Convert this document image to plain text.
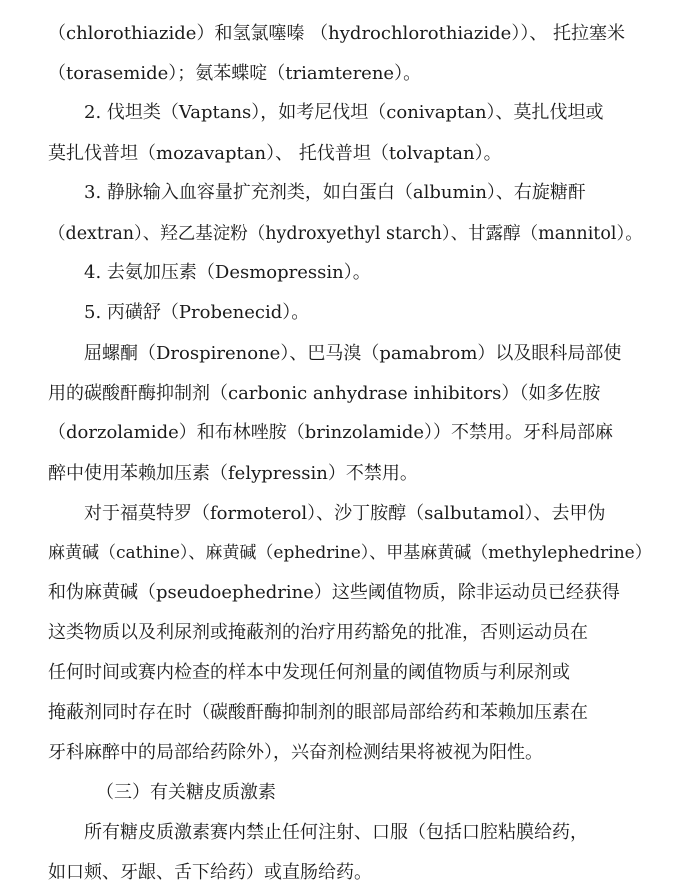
（chlorothiazide）和氢氯噻嗪 （hydrochlorothiazide））、 托拉塞米
（torasemide）；氨苯蝶啶（triamterene）。
2. 伐坦类（Vaptans），如考尼伐坦（conivaptan）、莫扎伐坦或
莫扎伐普坦（mozavaptan）、 托伐普坦（tolvaptan）。
3. 静脉输入血容量扩充剂类，如白蛋白（albumin）、右旋糖酐
（dextran）、羟乙基淀粉（hydroxyethyl starch）、甘露醇（mannitol）。
4. 去氨加压素（Desmopressin）。
5. 丙磺舒（Probenecid）。
屈螺酮（Drospirenone）、巴马溴（pamabrom）以及眼科局部使
用的碳酸酐酶抑制剂（carbonic anhydrase inhibitors）（如多佐胺
（dorzolamide）和布林唑胺（brinzolamide））不禁用。牙科局部麻
醉中使用苯赖加压素（felypressin）不禁用。
对于福莫特罗（formoterol）、沙丁胺醇（salbutamol）、去甲伪
麻黄碱（cathine）、麻黄碱（ephedrine）、甲基麻黄碱（methylephedrine）
和伪麻黄碱（pseudoephedrine）这些阈值物质，除非运动员已经获得
这类物质以及利尿剂或掩蔽剂的治疗用药豁免的批准，否则运动员在
任何时间或赛内检查的样本中发现任何剂量的阈值物质与利尿剂或
掩蔽剂同时存在时（碳酸酐酶抑制剂的眼部局部给药和苯赖加压素在
牙科麻醉中的局部给药除外），兴奋剂检测结果将被视为阳性。
（三）有关糖皮质激素
所有糖皮质激素赛内禁止任何注射、口服（包括口腔粘膜给药，
如口颊、牙龈、舌下给药）或直肠给药。
